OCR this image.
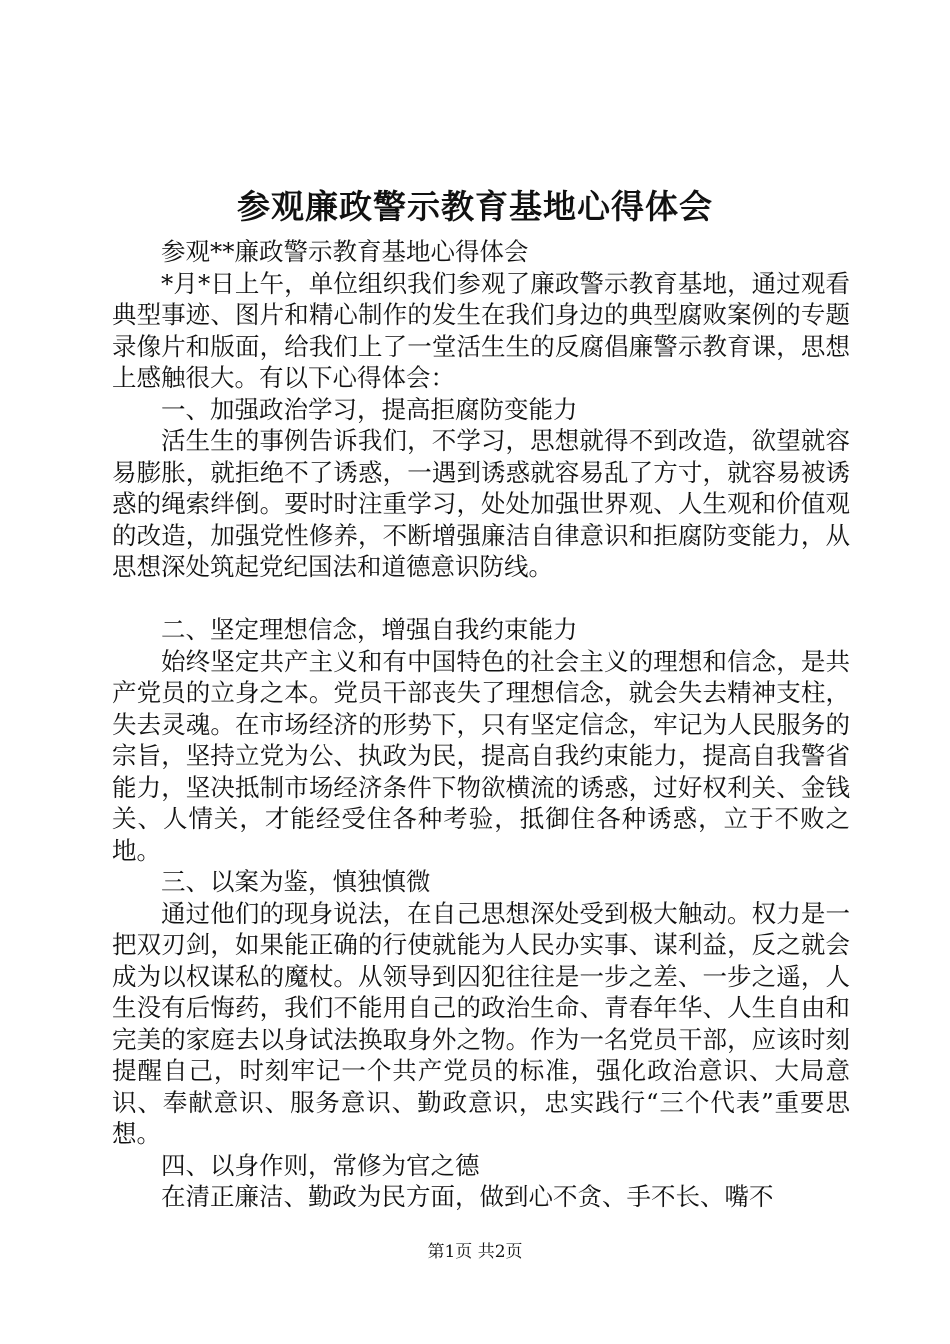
参观廉政警示教育基地心得体会

参观**廉政警示教育基地心得体会

*月*日上午，单位组织我们参观了廉政警示教育基地，通过观看典型事迹、图片和精心制作的发生在我们身边的典型腐败案例的专题录像片和版面，给我们上了一堂活生生的反腐倡廉警示教育课，思想上感触很大。有以下心得体会：

一、加强政治学习，提高拒腐防变能力

活生生的事例告诉我们，不学习，思想就得不到改造，欲望就容易膨胀，就拒绝不了诱惑，一遇到诱惑就容易乱了方寸，就容易被诱惑的绳索绊倒。要时时注重学习，处处加强世界观、人生观和价值观的改造，加强党性修养，不断增强廉洁自律意识和拒腐防变能力，从思想深处筑起党纪国法和道德意识防线。

二、坚定理想信念，增强自我约束能力

始终坚定共产主义和有中国特色的社会主义的理想和信念，是共产党员的立身之本。党员干部丧失了理想信念，就会失去精神支柱，失去灵魂。在市场经济的形势下，只有坚定信念，牢记为人民服务的宗旨，坚持立党为公、执政为民，提高自我约束能力，提高自我警省能力，坚决抵制市场经济条件下物欲横流的诱惑，过好权利关、金钱关、人情关，才能经受住各种考验，抵御住各种诱惑，立于不败之地。

三、以案为鉴，慎独慎微

通过他们的现身说法，在自己思想深处受到极大触动。权力是一把双刃剑，如果能正确的行使就能为人民办实事、谋利益，反之就会成为以权谋私的魔杖。从领导到囚犯往往是一步之差、一步之遥，人生没有后悔药，我们不能用自己的政治生命、青春年华、人生自由和完美的家庭去以身试法换取身外之物。作为一名党员干部，应该时刻提醒自己，时刻牢记一个共产党员的标准，强化政治意识、大局意识、奉献意识、服务意识、勤政意识，忠实践行“三个代表”重要思想。

四、以身作则，常修为官之德

在清正廉洁、勤政为民方面，做到心不贪、手不长、嘴不

第1页 共2页
